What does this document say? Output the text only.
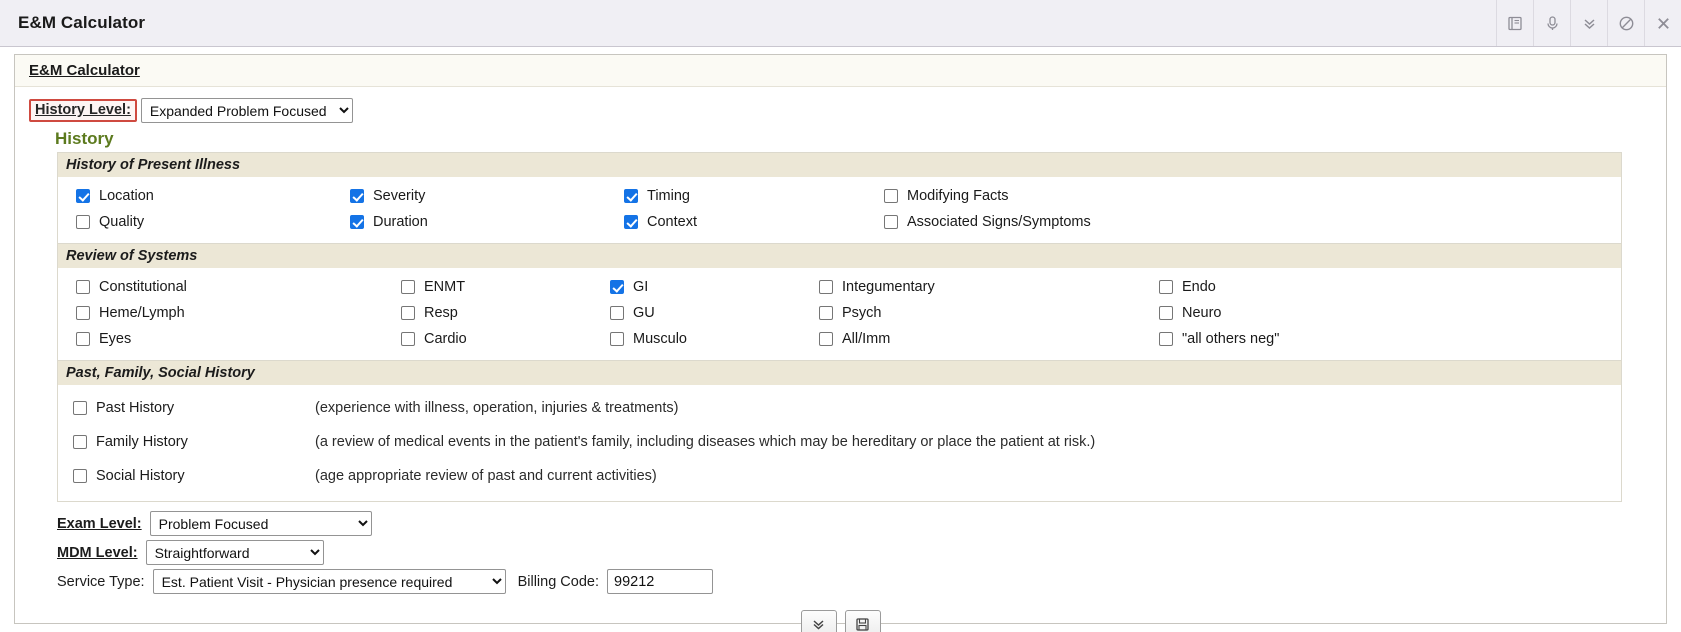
E&M Calculator
E&M Calculator
History Level:
Expanded Problem Focused
History
History of Present Illness
Location	Severity	Timing	Modifying Facts
Quality	Duration	Context	Associated Signs/Symptoms
Review of Systems
Constitutional	ENMT	GI	Integumentary	Endo
Heme/Lymph	Resp	GU	Psych	Neuro
Eyes	Cardio	Musculo	All/Imm	"all others neg"
Past, Family, Social History
Past History	(experience with illness, operation, injuries & treatments)
Family History	(a review of medical events in the patient's family, including diseases which may be hereditary or place the patient at risk.)
Social History	(age appropriate review of past and current activities)
Exam Level:
Problem Focused
MDM Level:
Straightforward
Service Type:
Est. Patient Visit - Physician presence required	Billing Code:
99212
